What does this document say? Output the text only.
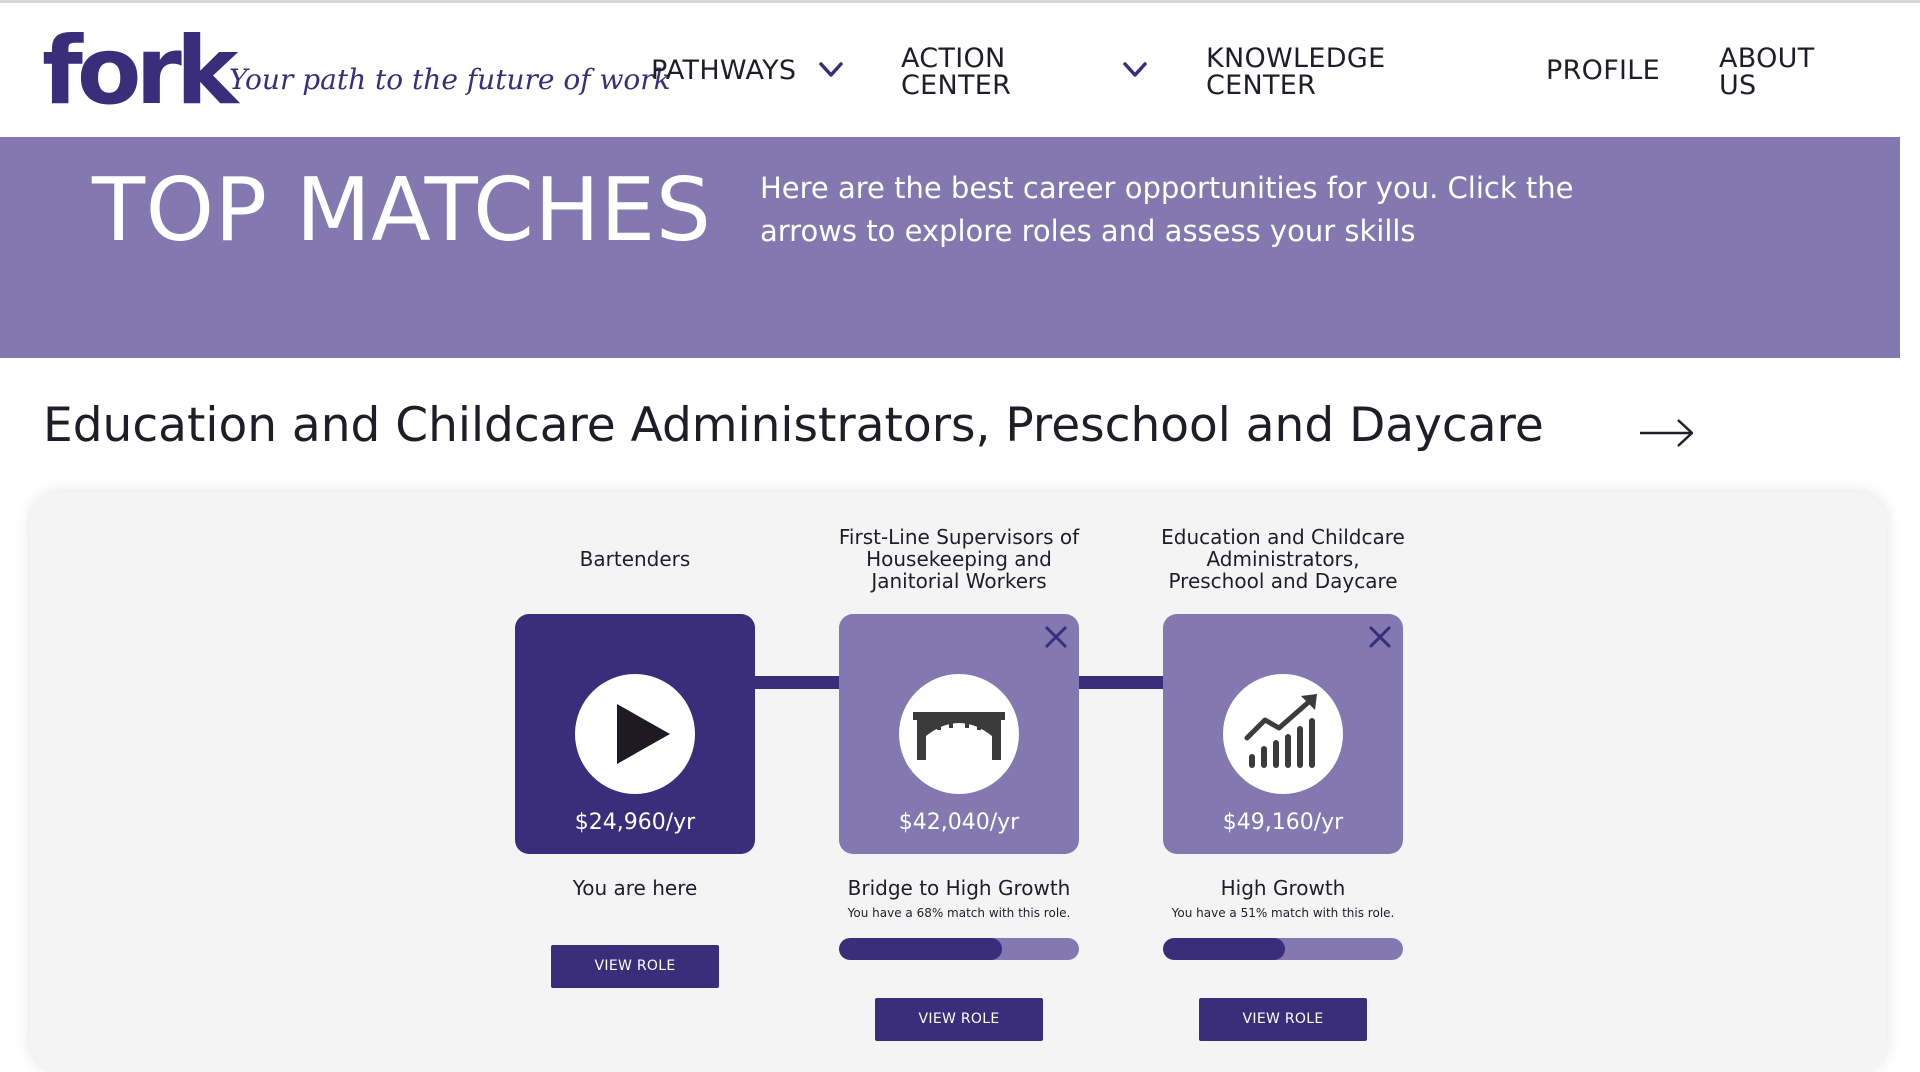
fork
Your path to the future of work
PATHWAYS	ACTION
CENTER
KNOWLEDGE
CENTER	PROFILE ABOUT
US
TOP MATCHES Here are the best career opportunities for you. Click the arrows to explore roles and assess your skills
Education and Childcare Administrators, Preschool and Daycare
Bartenders
$24,960/yr
You are here
VIEW ROLE
First-Line Supervisors of
Housekeeping and
Janitorial Workers
$42,040/yr
Bridge to High Growth
You have a 68% match with this role.
VIEW ROLE
Education and Childcare
Administrators,
Preschool and Daycare
$49,160/yr
High Growth
You have a 51% match with this role.
VIEW ROLE
